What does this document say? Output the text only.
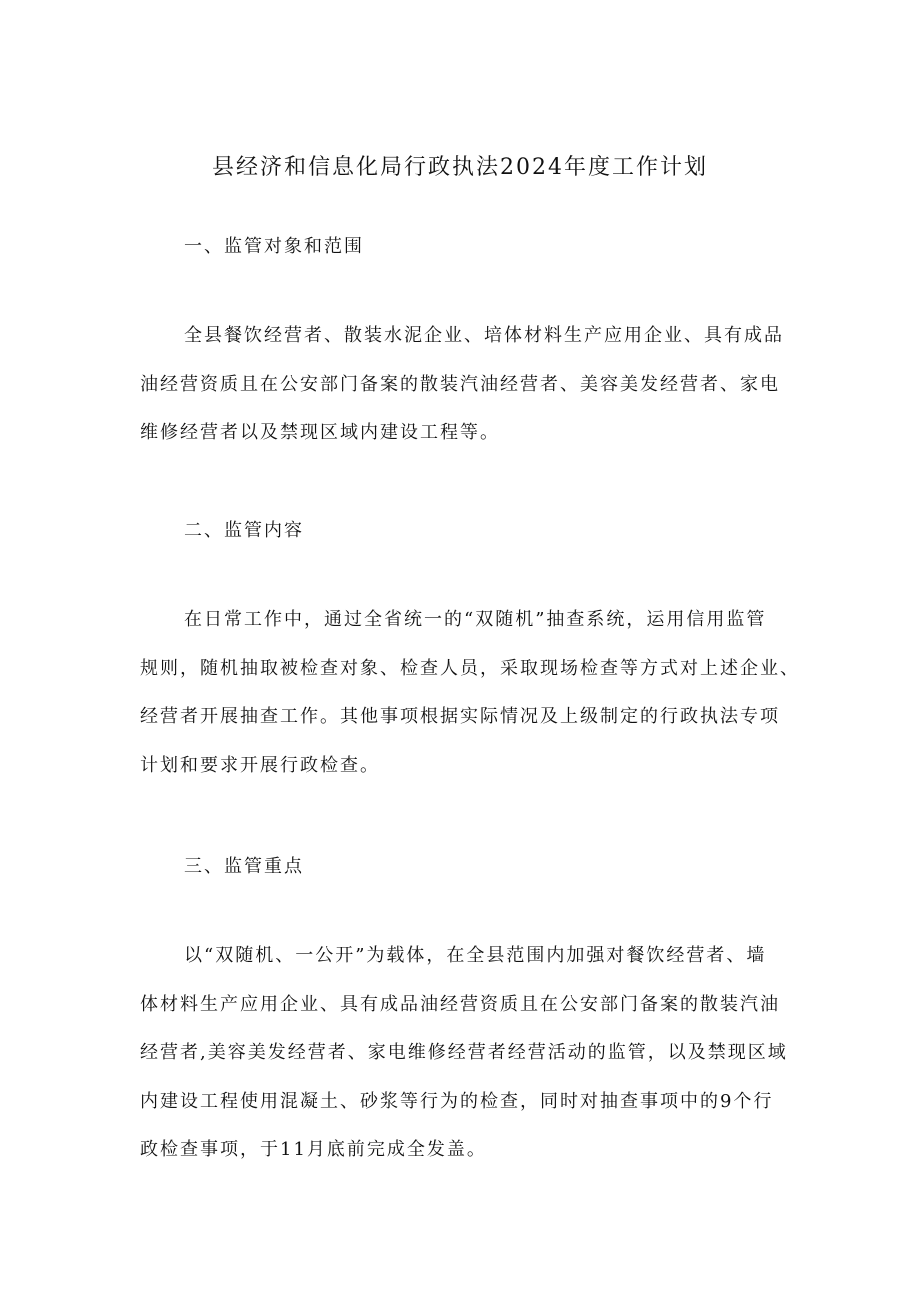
县经济和信息化局行政执法2024年度工作计划
一、监管对象和范围

全县餐饮经营者、散装水泥企业、培体材料生产应用企业、具有成品
油经营资质且在公安部门备案的散装汽油经营者、美容美发经营者、家电
维修经营者以及禁现区域内建设工程等。

二、监管内容

在日常工作中，通过全省统一的“双随机”抽查系统，运用信用监管
规则，随机抽取被检查对象、检查人员，采取现场检查等方式对上述企业、
经营者开展抽查工作。其他事项根据实际情况及上级制定的行政执法专项
计划和要求开展行政检查。

三、监管重点

以“双随机、一公开”为载体，在全县范围内加强对餐饮经营者、墙
体材料生产应用企业、具有成品油经营资质且在公安部门备案的散装汽油
经营者,美容美发经营者、家电维修经营者经营活动的监管，以及禁现区域
内建设工程使用混凝土、砂浆等行为的检查，同时对抽查事项中的9个行
政检查事项，于11月底前完成全发盖。
